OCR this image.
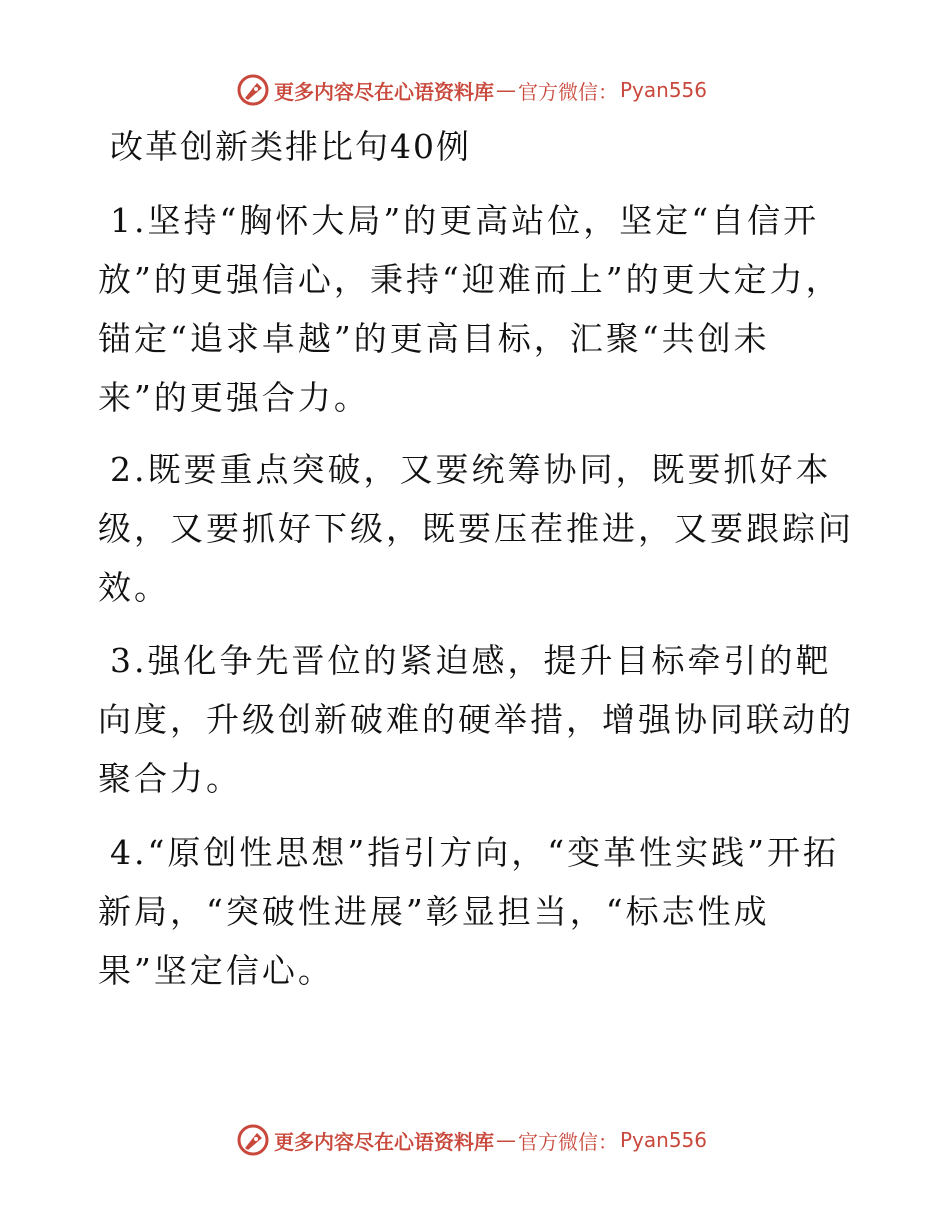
更多内容尽在心语资料库 — 官方微信： Pyan556
改革创新类排比句40例
1.坚持“胸怀大局”的更高站位，坚定“自信开放”的更强信心，秉持“迎难而上”的更大定力，锚定“追求卓越”的更高目标，汇聚“共创未来”的更强合力。
2.既要重点突破，又要统筹协同，既要抓好本级，又要抓好下级，既要压茬推进，又要跟踪问效。
3.强化争先晋位的紧迫感，提升目标牵引的靶向度，升级创新破难的硬举措，增强协同联动的聚合力。
4.“原创性思想”指引方向，“变革性实践”开拓新局，“突破性进展”彰显担当，“标志性成果”坚定信心。
更多内容尽在心语资料库 — 官方微信： Pyan556
